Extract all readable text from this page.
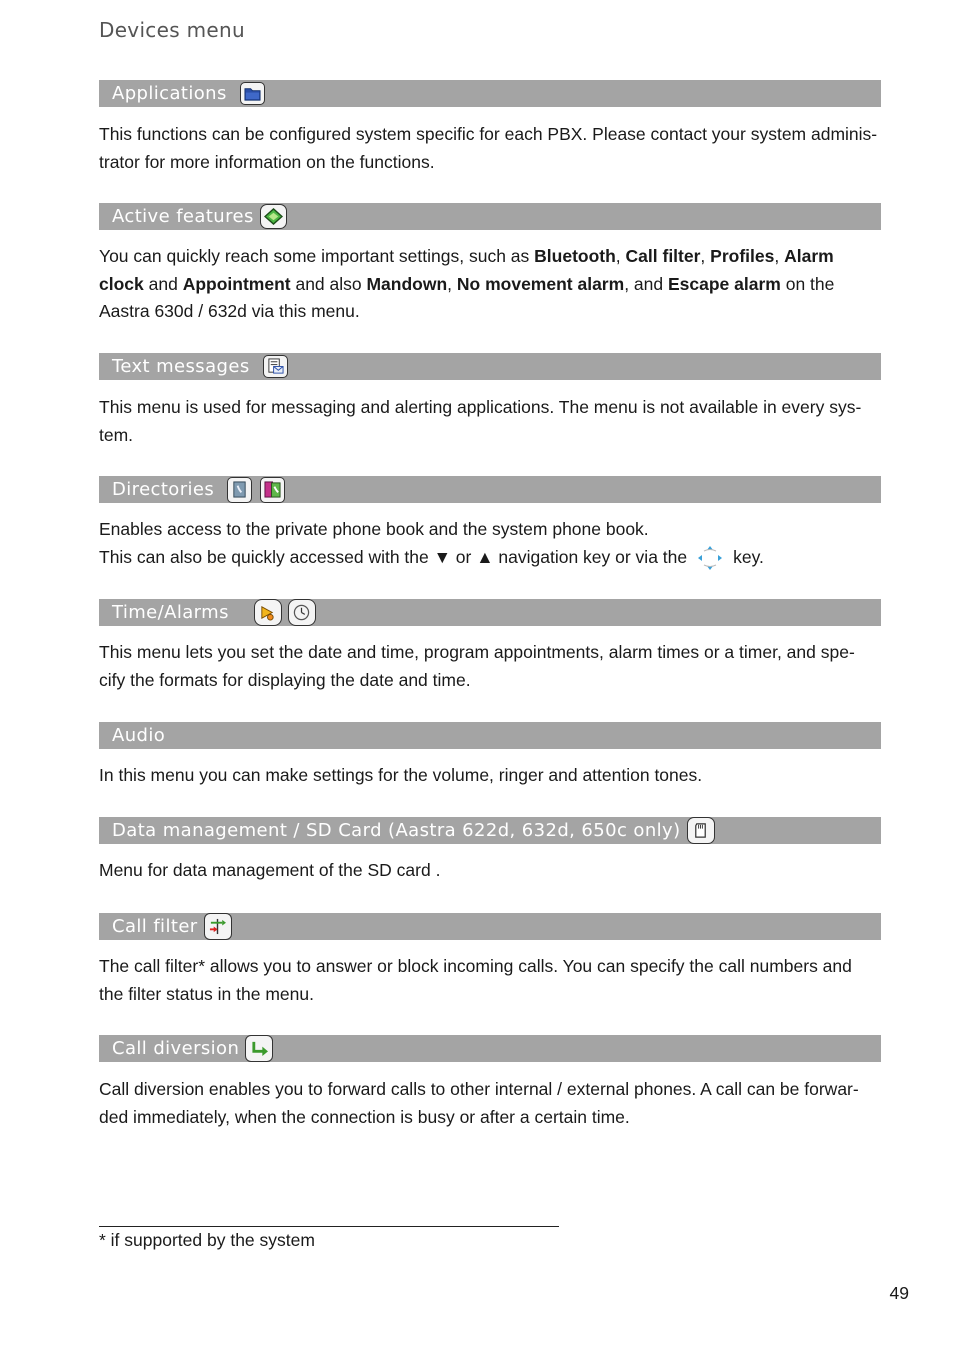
Devices menu
Applications
This functions can be configured system specific for each PBX. Please contact your system adminis-trator for more information on the functions.
Active features
You can quickly reach some important settings, such as Bluetooth, Call filter, Profiles, Alarm clock and Appointment and also Mandown, No movement alarm, and Escape alarm on the Aastra 630d / 632d via this menu.
Text messages
This menu is used for messaging and alerting applications. The menu is not available in every sys-tem.
Directories
Enables access to the private phone book and the system phone book.
This can also be quickly accessed with the ▼ or ▲ navigation key or via the	key.
Time/Alarms
This menu lets you set the date and time, program appointments, alarm times or a timer, and spe-cify the formats for displaying the date and time.
Audio
In this menu you can make settings for the volume, ringer and attention tones.
Data management / SD Card (Aastra 622d, 632d, 650c only)
Menu for data management of the SD card .
Call filter
The call filter* allows you to answer or block incoming calls. You can specify the call numbers and the filter status in the menu.
Call diversion
Call diversion enables you to forward calls to other internal / external phones. A call can be forwar-ded immediately, when the connection is busy or after a certain time.
* if supported by the system
49
